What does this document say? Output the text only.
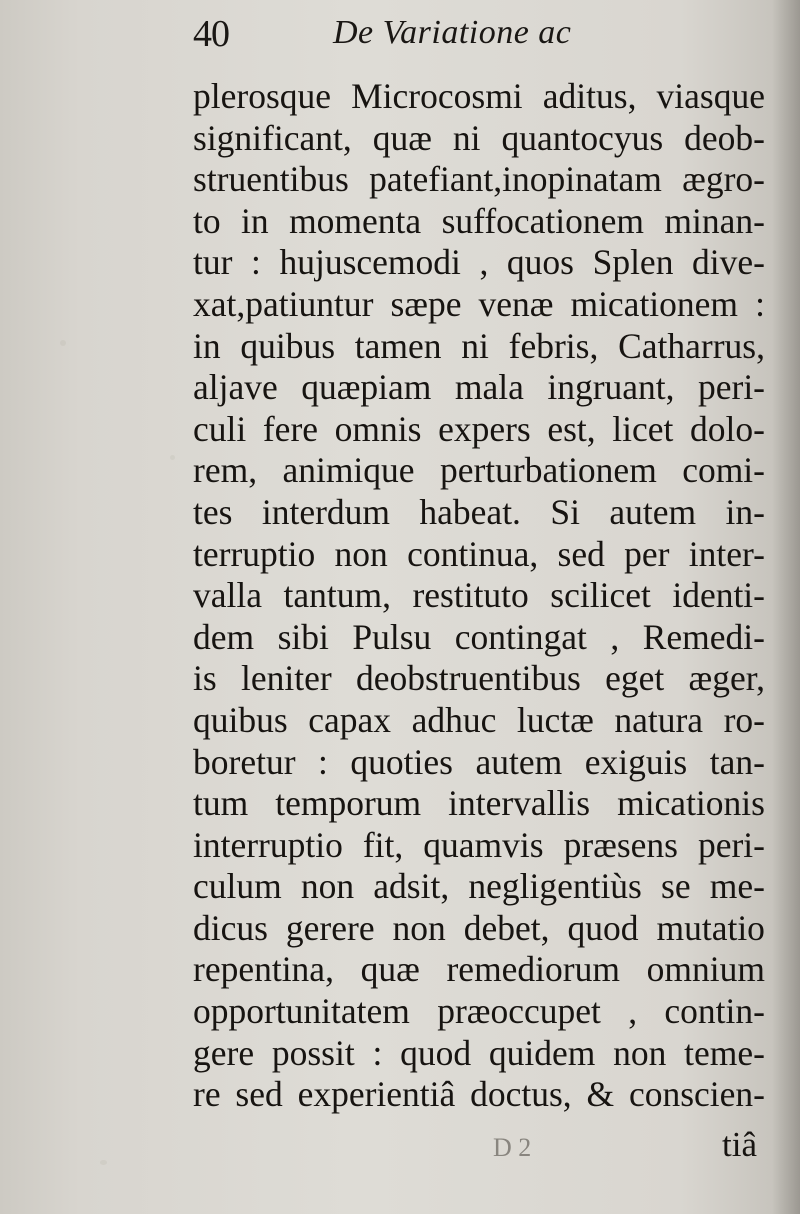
40	De Variatione ac
plerosque Microcosmi aditus, viasque
significant, quæ ni quantocyus deob-
struentibus patefiant,inopinatam ægro-
to in momenta suffocationem minan-
tur : hujuscemodi , quos Splen dive-
xat,patiuntur sæpe venæ micationem :
in quibus tamen ni febris, Catharrus,
aljave quæpiam mala ingruant, peri-
culi fere omnis expers est, licet dolo-
rem, animique perturbationem comi-
tes interdum habeat. Si autem in-
terruptio non continua, sed per inter-
valla tantum, restituto scilicet identi-
dem sibi Pulsu contingat , Remedi-
is leniter deobstruentibus eget æger,
quibus capax adhuc luctæ natura ro-
boretur : quoties autem exiguis tan-
tum temporum intervallis micationis
interruptio fit, quamvis præsens peri-
culum non adsit, negligentiùs se me-
dicus gerere non debet, quod mutatio
repentina, quæ remediorum omnium
opportunitatem præoccupet , contin-
gere possit : quod quidem non teme-
re sed experientiâ doctus, & conscien-
D 2	tiâ
